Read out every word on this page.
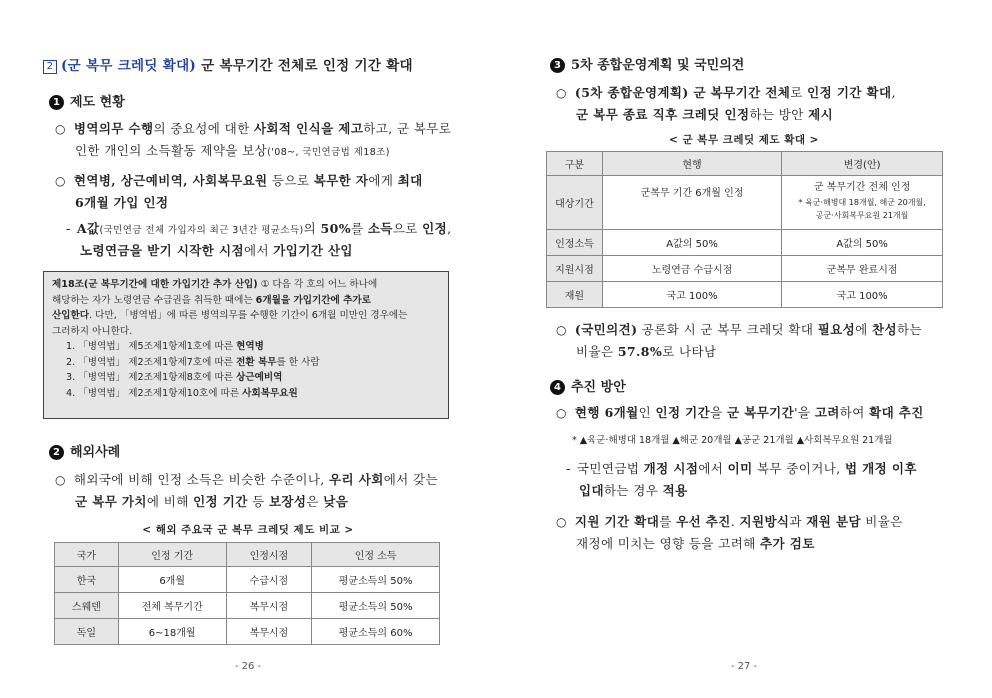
2 (군 복무 크레딧 확대) 군 복무기간 전체로 인정 기간 확대
1 제도 현황
○ 병역의무 수행의 중요성에 대한 사회적 인식을 제고하고, 군 복무로
인한 개인의 소득활동 제약을 보상('08~, 국민연금법 제18조)
○ 현역병, 상근예비역, 사회복무요원 등으로 복무한 자에게 최대
6개월 가입 인정
- A값(국민연금 전체 가입자의 최근 3년간 평균소득)의 50%를 소득으로 인정,
노령연금을 받기 시작한 시점에서 가입기간 산입
제18조(군 복무기간에 대한 가입기간 추가 산입) ① 다음 각 호의 어느 하나에
해당하는 자가 노령연금 수급권을 취득한 때에는 6개월을 가입기간에 추가로
산입한다. 다만, 「병역법」에 따른 병역의무를 수행한 기간이 6개월 미만인 경우에는
그러하지 아니한다.
1. 「병역법」 제5조제1항제1호에 따른 현역병
2. 「병역법」 제2조제1항제7호에 따른 전환 복무를 한 사람
3. 「병역법」 제2조제1항제8호에 따른 상근예비역
4. 「병역법」 제2조제1항제10호에 따른 사회복무요원
2 해외사례
○ 해외국에 비해 인정 소득은 비슷한 수준이나, 우리 사회에서 갖는
군 복무 가치에 비해 인정 기간 등 보장성은 낮음
< 해외 주요국 군 복무 크레딧 제도 비교 >
국가	인정 기간	인정시점	인정 소득
한국	6개월	수급시점	평균소득의 50%
스웨덴	전체 복무기간	복무시점	평균소득의 50%
독일	6~18개월	복무시점	평균소득의 60%
- 26 -
3 5차 종합운영계획 및 국민의견
○ (5차 종합운영계획) 군 복무기간 전체로 인정 기간 확대,
군 복무 종료 직후 크레딧 인정하는 방안 제시
< 군 복무 크레딧 제도 확대 >
구분	현행	변경(안)
대상기간	군복무 기간 6개월 인정	군 복무기간 전체 인정
* 육군·해병대 18개월, 해군 20개월,
공군·사회복무요원 21개월

인정소득	A값의 50%	A값의 50%
지원시점	노령연금 수급시점	군복무 완료시점
재원	국고 100%	국고 100%
○ (국민의견) 공론화 시 군 복무 크레딧 확대 필요성에 찬성하는
비율은 57.8%로 나타남
4 추진 방안
○ 현행 6개월인 인정 기간을 군 복무기간'을 고려하여 확대 추진
* ▲육군·해병대 18개월 ▲해군 20개월 ▲공군 21개월 ▲사회복무요원 21개월
- 국민연금법 개정 시점에서 이미 복무 중이거나, 법 개정 이후
입대하는 경우 적용
○ 지원 기간 확대를 우선 추진. 지원방식과 재원 분담 비율은
재정에 미치는 영향 등을 고려해 추가 검토
- 27 -
